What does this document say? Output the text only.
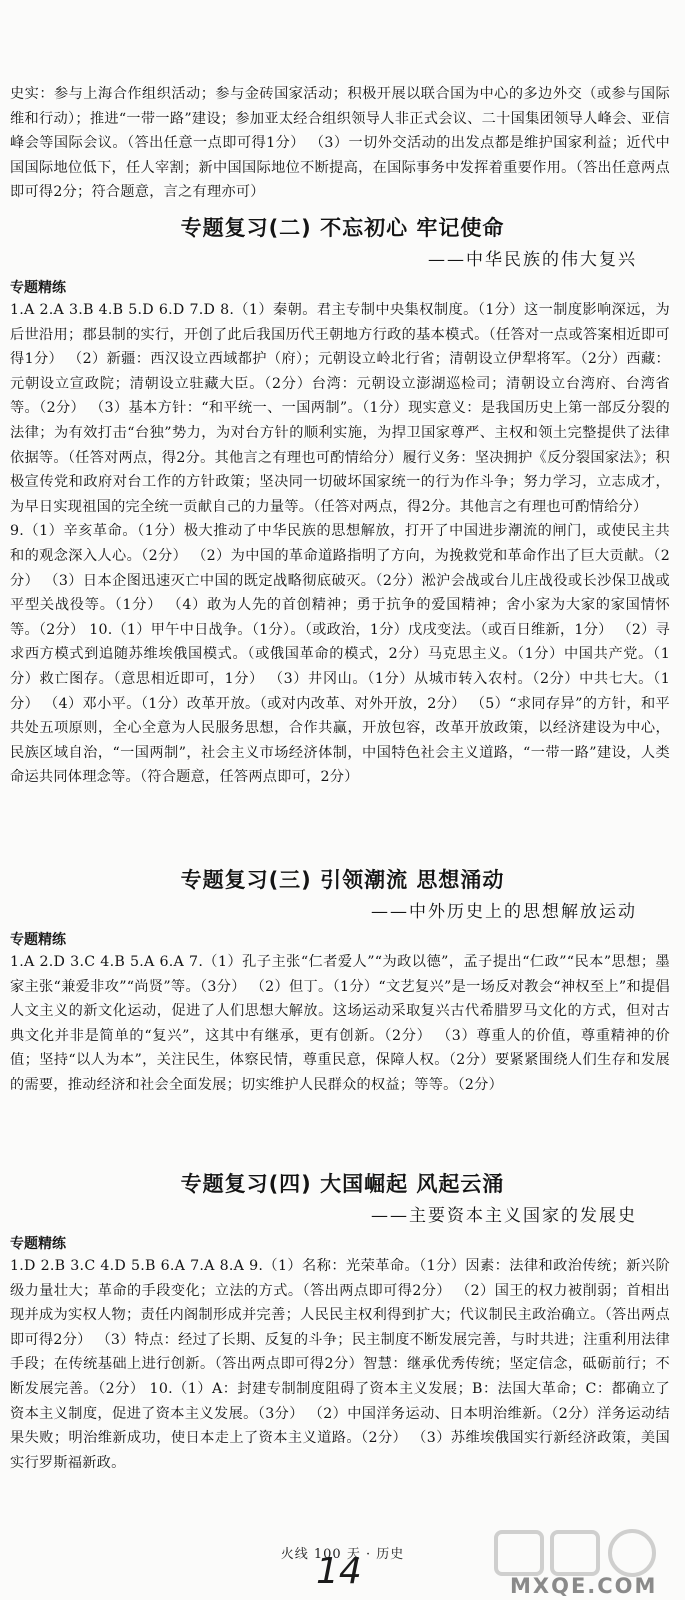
史实：参与上海合作组织活动；参与金砖国家活动；积极开展以联合国为中心的多边外交（或参与国际维和行动）；推进“一带一路”建设；参加亚太经合组织领导人非正式会议、二十国集团领导人峰会、亚信峰会等国际会议。（答出任意一点即可得1分） （3）一切外交活动的出发点都是维护国家利益；近代中国国际地位低下，任人宰割；新中国国际地位不断提高，在国际事务中发挥着重要作用。（答出任意两点即可得2分；符合题意，言之有理亦可）

专题复习(二) 不忘初心 牢记使命
——中华民族的伟大复兴
专题精练

1.A 2.A 3.B 4.B 5.D 6.D 7.D 8.（1）秦朝。君主专制中央集权制度。（1分）这一制度影响深远，为后世沿用；郡县制的实行，开创了此后我国历代王朝地方行政的基本模式。（任答对一点或答案相近即可得1分） （2）新疆：西汉设立西域都护（府）；元朝设立岭北行省；清朝设立伊犁将军。（2分）西藏：元朝设立宣政院；清朝设立驻藏大臣。（2分）台湾：元朝设立澎湖巡检司；清朝设立台湾府、台湾省等。（2分） （3）基本方针：“和平统一、一国两制”。（1分）现实意义：是我国历史上第一部反分裂的法律；为有效打击“台独”势力，为对台方针的顺利实施，为捍卫国家尊严、主权和领土完整提供了法律依据等。（任答对两点，得2分。其他言之有理也可酌情给分）履行义务：坚决拥护《反分裂国家法》；积极宣传党和政府对台工作的方针政策；坚决同一切破坏国家统一的行为作斗争；努力学习，立志成才，为早日实现祖国的完全统一贡献自己的力量等。（任答对两点，得2分。其他言之有理也可酌情给分）
9.（1）辛亥革命。（1分）极大推动了中华民族的思想解放，打开了中国进步潮流的闸门，或使民主共和的观念深入人心。（2分） （2）为中国的革命道路指明了方向，为挽救党和革命作出了巨大贡献。（2分） （3）日本企图迅速灭亡中国的既定战略彻底破灭。（2分）淞沪会战或台儿庄战役或长沙保卫战或平型关战役等。（1分） （4）敢为人先的首创精神；勇于抗争的爱国精神；舍小家为大家的家国情怀等。（2分） 10.（1）甲午中日战争。（1分）。（或政治，1分）戊戌变法。（或百日维新，1分） （2）寻求西方模式到追随苏维埃俄国模式。（或俄国革命的模式，2分）马克思主义。（1分）中国共产党。（1分）救亡图存。（意思相近即可，1分） （3）井冈山。（1分）从城市转入农村。（2分）中共七大。（1分） （4）邓小平。（1分）改革开放。（或对内改革、对外开放，2分） （5）“求同存异”的方针，和平共处五项原则，全心全意为人民服务思想，合作共赢，开放包容，改革开放政策，以经济建设为中心，民族区域自治，“一国两制”，社会主义市场经济体制，中国特色社会主义道路，“一带一路”建设，人类命运共同体理念等。（符合题意，任答两点即可，2分）

专题复习(三) 引领潮流 思想涌动
——中外历史上的思想解放运动
专题精练

1.A 2.D 3.C 4.B 5.A 6.A 7.（1）孔子主张“仁者爱人”“为政以德”，孟子提出“仁政”“民本”思想；墨家主张“兼爱非攻”“尚贤”等。（3分） （2）但丁。（1分）“文艺复兴”是一场反对教会“神权至上”和提倡人文主义的新文化运动，促进了人们思想大解放。这场运动采取复兴古代希腊罗马文化的方式，但对古典文化并非是简单的“复兴”，这其中有继承，更有创新。（2分） （3）尊重人的价值，尊重精神的价值；坚持“以人为本”，关注民生，体察民情，尊重民意，保障人权。（2分）要紧紧围绕人们生存和发展的需要，推动经济和社会全面发展；切实维护人民群众的权益；等等。（2分）

专题复习(四) 大国崛起 风起云涌
——主要资本主义国家的发展史
专题精练

1.D 2.B 3.C 4.D 5.B 6.A 7.A 8.A 9.（1）名称：光荣革命。（1分）因素：法律和政治传统；新兴阶级力量壮大；革命的手段变化；立法的方式。（答出两点即可得2分） （2）国王的权力被削弱；首相出现并成为实权人物；责任内阁制形成并完善；人民民主权利得到扩大；代议制民主政治确立。（答出两点即可得2分） （3）特点：经过了长期、反复的斗争；民主制度不断发展完善，与时共进；注重利用法律手段；在传统基础上进行创新。（答出两点即可得2分）智慧：继承优秀传统；坚定信念，砥砺前行；不断发展完善。（2分） 10.（1）A：封建专制制度阻碍了资本主义发展；B：法国大革命；C：都确立了资本主义制度，促进了资本主义发展。（3分） （2）中国洋务运动、日本明治维新。（2分）洋务运动结果失败；明治维新成功，使日本走上了资本主义道路。（2分） （3）苏维埃俄国实行新经济政策，美国实行罗斯福新政。

火线 100 天 · 历史
14	MXQE.COM
